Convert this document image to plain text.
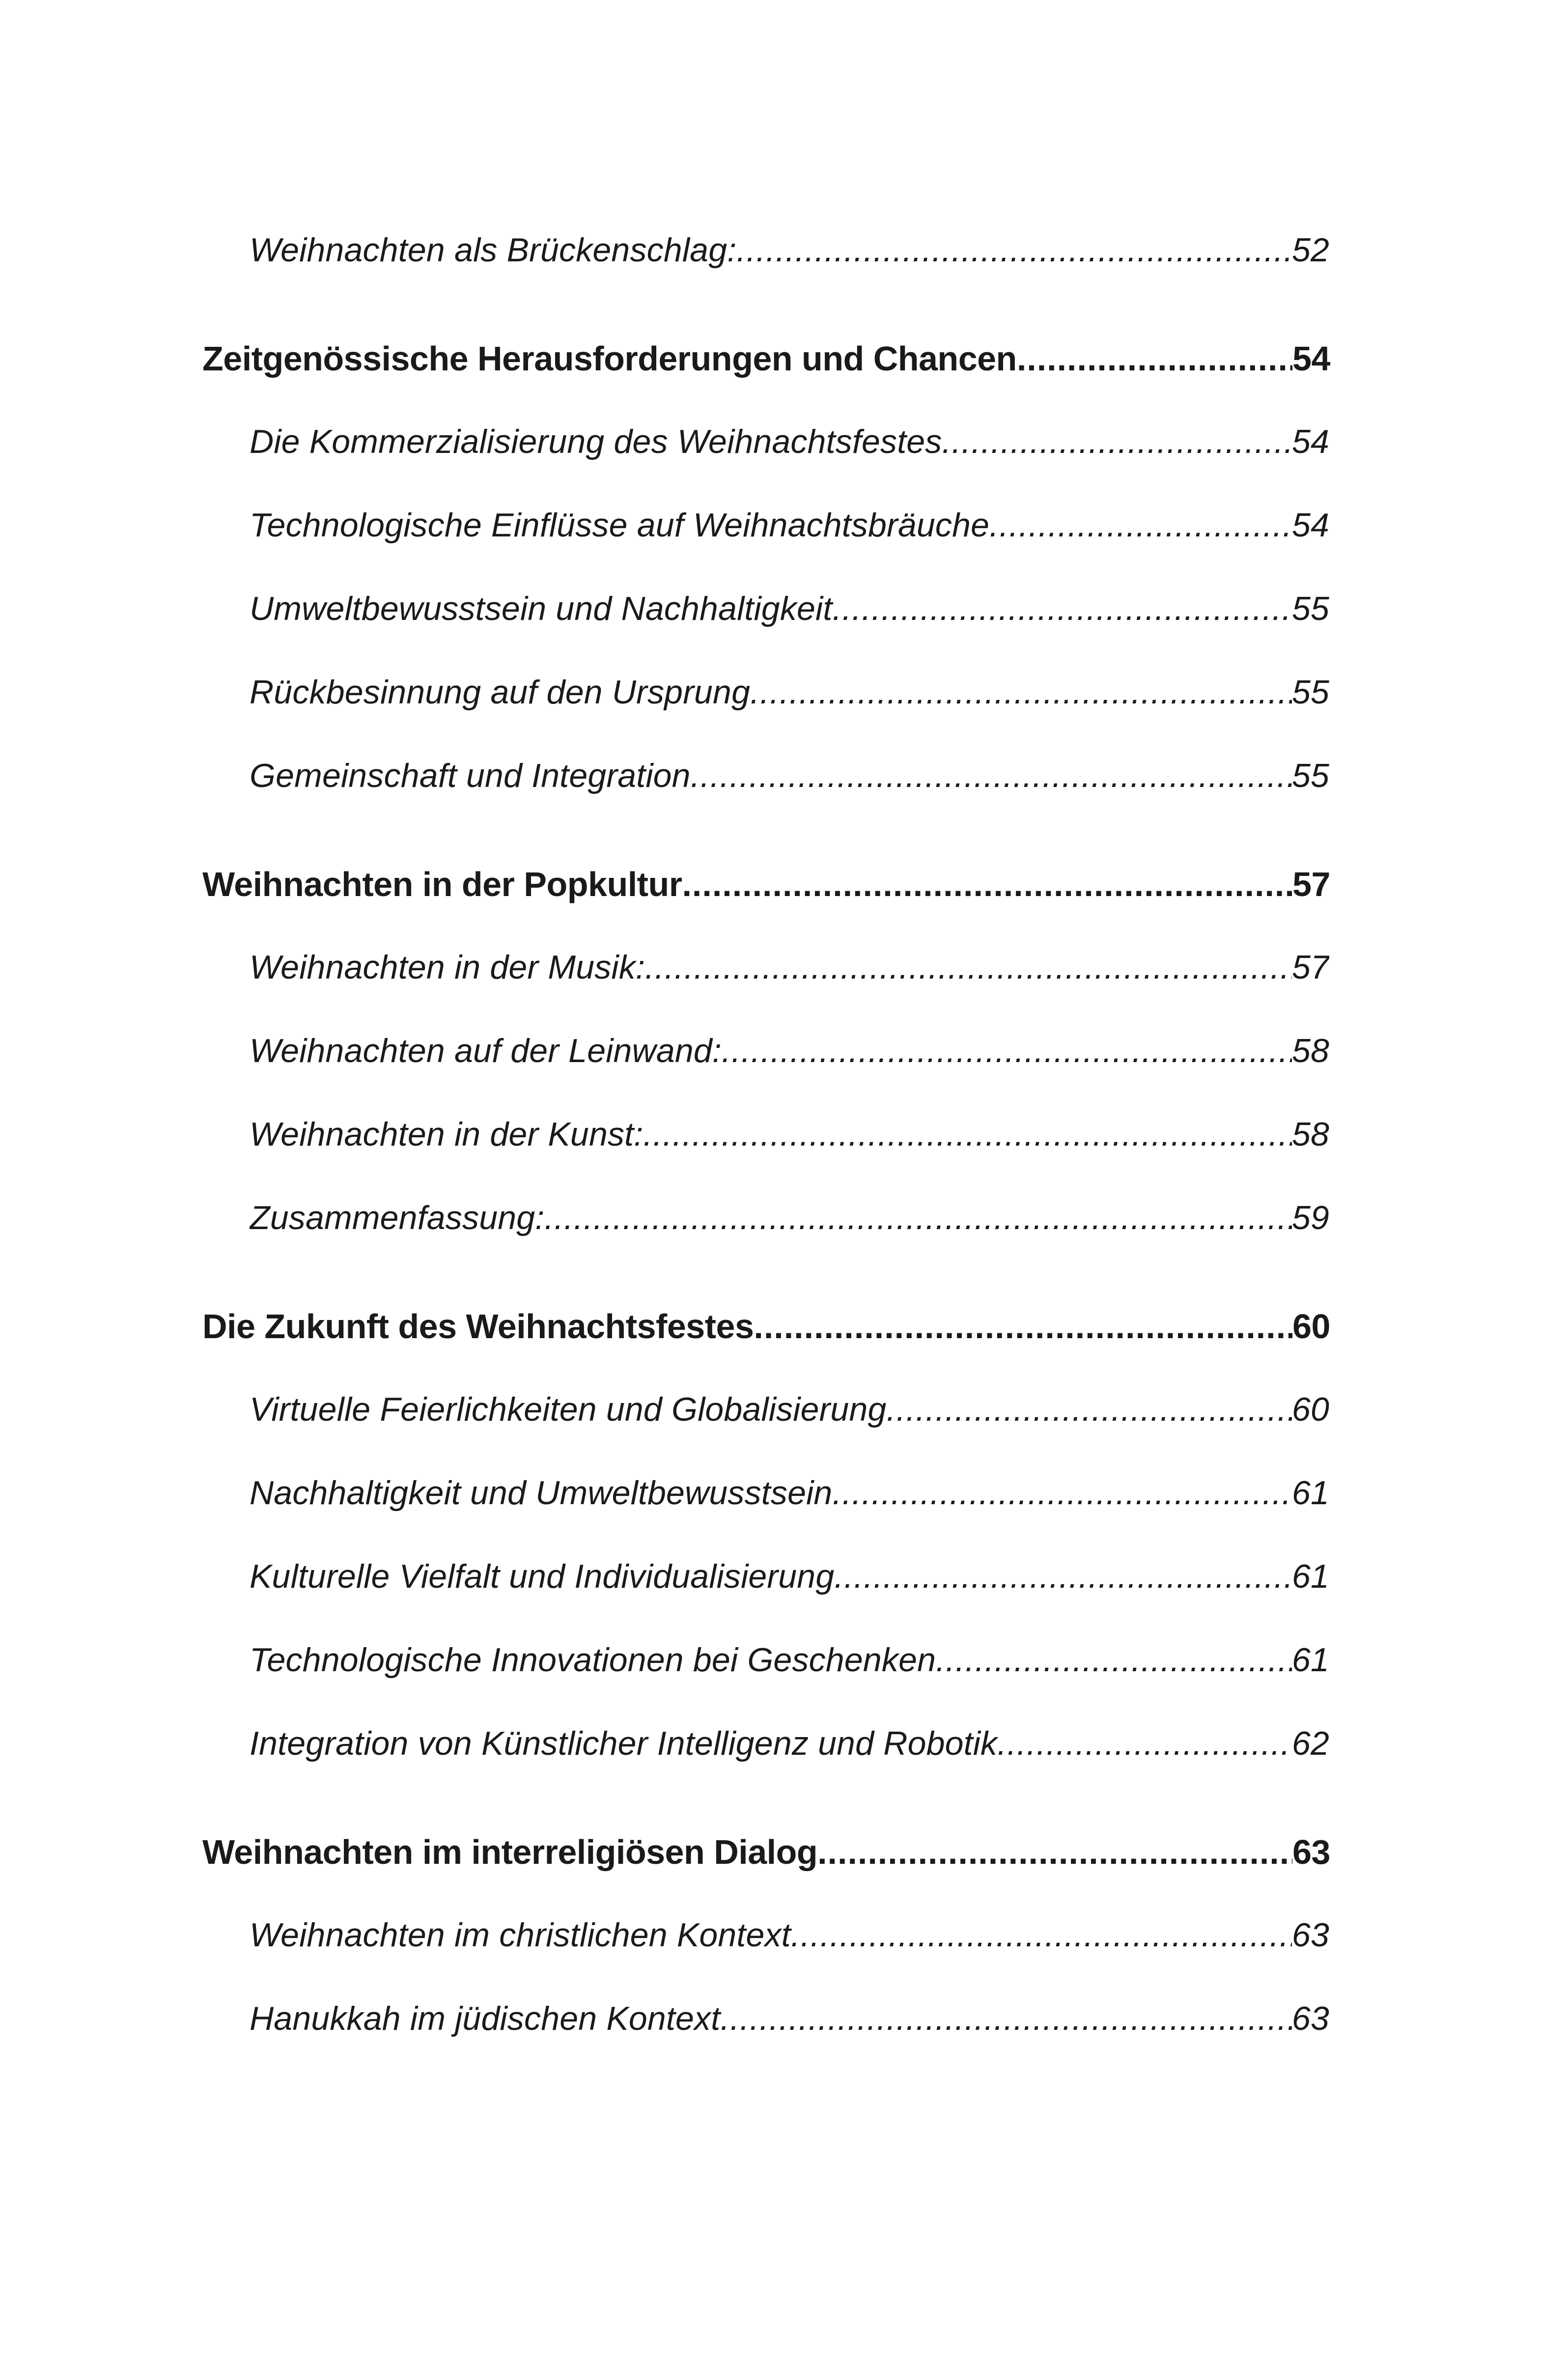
Weihnachten als Brückenschlag: .....	52
Zeitgenössische Herausforderungen und Chancen .....	54
Die Kommerzialisierung des Weihnachtsfestes .....	54
Technologische Einflüsse auf Weihnachtsbräuche .....	54
Umweltbewusstsein und Nachhaltigkeit .....	55
Rückbesinnung auf den Ursprung .....	55
Gemeinschaft und Integration .....	55
Weihnachten in der Popkultur .....	57
Weihnachten in der Musik: .....	57
Weihnachten auf der Leinwand: .....	58
Weihnachten in der Kunst: .....	58
Zusammenfassung: .....	59
Die Zukunft des Weihnachtsfestes .....	60
Virtuelle Feierlichkeiten und Globalisierung .....	60
Nachhaltigkeit und Umweltbewusstsein .....	61
Kulturelle Vielfalt und Individualisierung .....	61
Technologische Innovationen bei Geschenken .....	61
Integration von Künstlicher Intelligenz und Robotik .....	62
Weihnachten im interreligiösen Dialog .....	63
Weihnachten im christlichen Kontext .....	63
Hanukkah im jüdischen Kontext .....	63
